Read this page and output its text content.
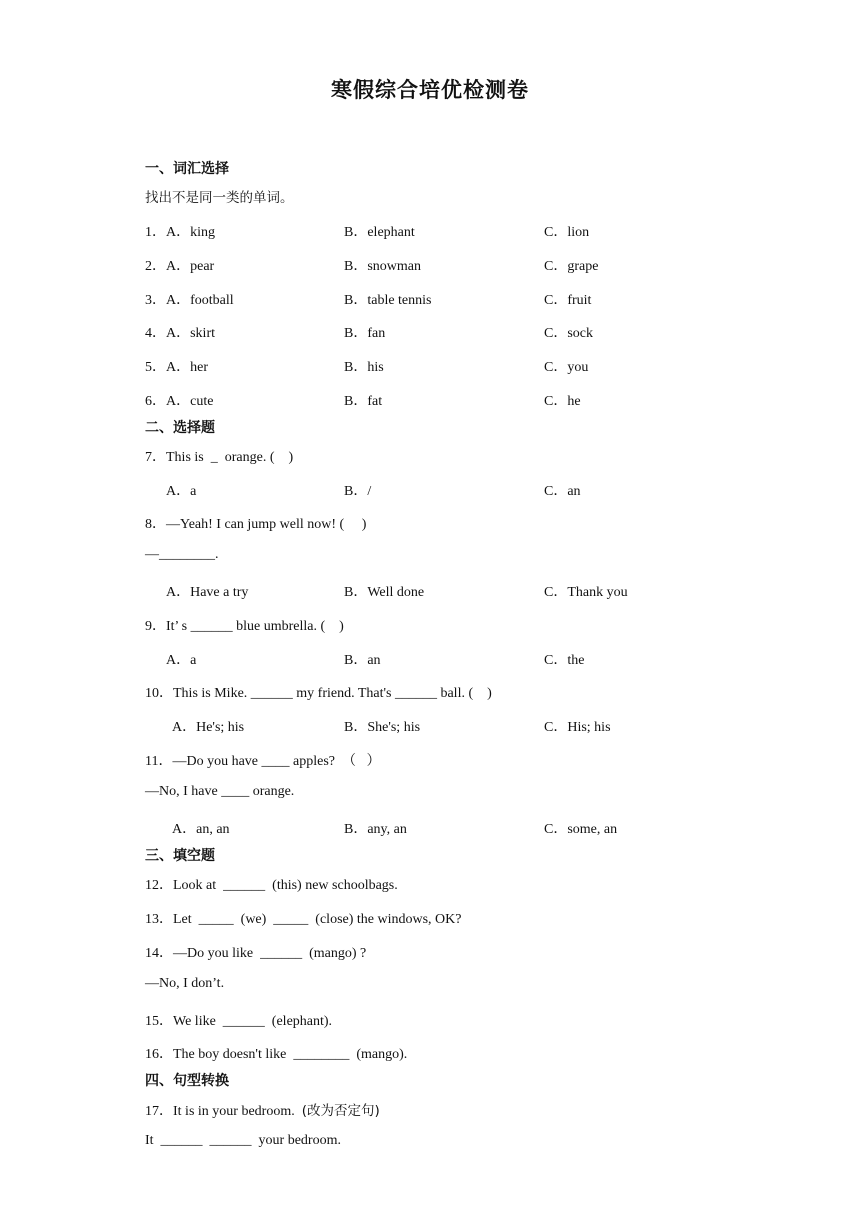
寒假综合培优检测卷
一、词汇选择
找出不是同一类的单词。
1．A．king	B．elephant	C．lion
2．A．pear	B．snowman	C．grape
3．A．football	B．table tennis	C．fruit
4．A．skirt	B．fan	C．sock
5．A．her	B．his	C．you
6．A．cute	B．fat	C．he
二、选择题
7．This is  _  orange. (    )
A．a	B．/	C．an
8．—Yeah! I can jump well now! (     )
—________.
A．Have a try	B．Well done	C．Thank you
9．It’ s ______ blue umbrella. (    )
A．a	B．an	C．the
10．This is Mike. ______ my friend. That's ______ ball. (    )
A．He's; his	B．She's; his	C．His; his
11．—Do you have ____ apples?  （   ）
—No, I have ____ orange.
A．an, an	B．any, an	C．some, an
三、填空题
12．Look at  ______  (this) new schoolbags.
13．Let  _____  (we)  _____  (close) the windows, OK?
14．—Do you like  ______  (mango) ?
—No, I don’t.
15．We like  ______  (elephant).
16．The boy doesn't like  ________  (mango).
四、句型转换
17．It is in your bedroom.  (改为否定句)
It  ______  ______  your bedroom.
